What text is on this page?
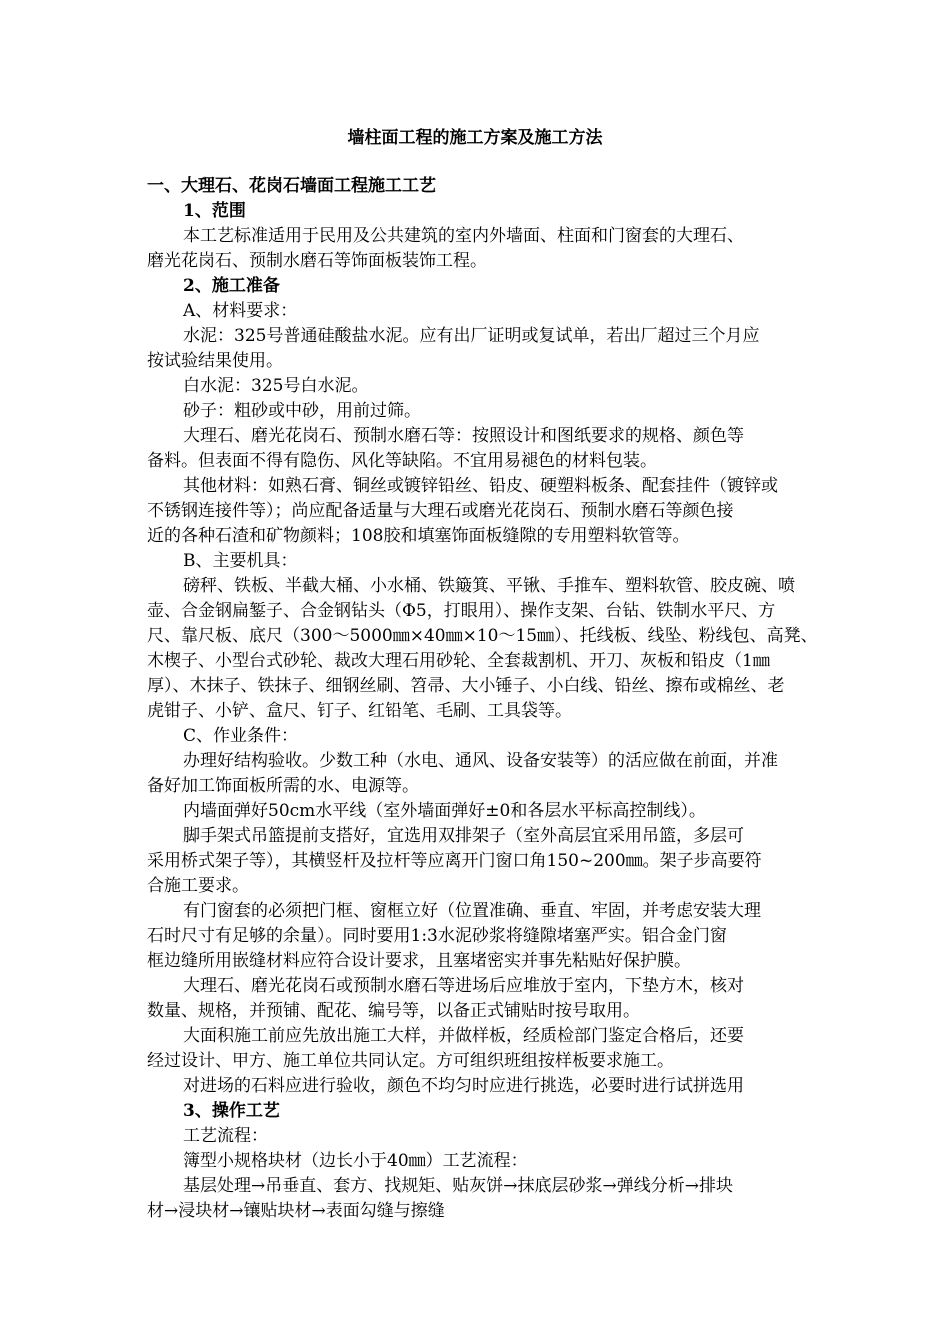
墙柱面工程的施工方案及施工方法

一、大理石、花岗石墙面工程施工工艺

1、范围

本工艺标准适用于民用及公共建筑的室内外墙面、柱面和门窗套的大理石、

磨光花岗石、预制水磨石等饰面板装饰工程。

2、施工准备

A、材料要求：

水泥：325号普通硅酸盐水泥。应有出厂证明或复试单，若出厂超过三个月应

按试验结果使用。

白水泥：325号白水泥。

砂子：粗砂或中砂，用前过筛。

大理石、磨光花岗石、预制水磨石等：按照设计和图纸要求的规格、颜色等

备料。但表面不得有隐伤、风化等缺陷。不宜用易褪色的材料包装。

其他材料：如熟石膏、铜丝或镀锌铅丝、铅皮、硬塑料板条、配套挂件（镀锌或

不锈钢连接件等）；尚应配备适量与大理石或磨光花岗石、预制水磨石等颜色接

近的各种石渣和矿物颜料；108胶和填塞饰面板缝隙的专用塑料软管等。

B、主要机具：

磅秤、铁板、半截大桶、小水桶、铁簸箕、平锹、手推车、塑料软管、胶皮碗、喷

壶、合金钢扁錾子、合金钢钻头（Φ5，打眼用）、操作支架、台钻、铁制水平尺、方

尺、靠尺板、底尺（300～5000㎜×40㎜×10～15㎜）、托线板、线坠、粉线包、高凳、

木楔子、小型台式砂轮、裁改大理石用砂轮、全套裁割机、开刀、灰板和铅皮（1㎜

厚）、木抹子、铁抹子、细钢丝刷、笤帚、大小锤子、小白线、铅丝、擦布或棉丝、老

虎钳子、小铲、盒尺、钉子、红铅笔、毛刷、工具袋等。

C、作业条件：

办理好结构验收。少数工种（水电、通风、设备安装等）的活应做在前面，并准

备好加工饰面板所需的水、电源等。

内墙面弹好50cm水平线（室外墙面弹好±0和各层水平标高控制线）。

脚手架式吊篮提前支搭好，宜选用双排架子（室外高层宜采用吊篮，多层可

采用桥式架子等），其横竖杆及拉杆等应离开门窗口角150~200㎜。架子步高要符

合施工要求。

有门窗套的必须把门框、窗框立好（位置准确、垂直、牢固，并考虑安装大理

石时尺寸有足够的余量）。同时要用1:3水泥砂浆将缝隙堵塞严实。铝合金门窗

框边缝所用嵌缝材料应符合设计要求，且塞堵密实并事先粘贴好保护膜。

大理石、磨光花岗石或预制水磨石等进场后应堆放于室内，下垫方木，核对

数量、规格，并预铺、配花、编号等，以备正式铺贴时按号取用。

大面积施工前应先放出施工大样，并做样板，经质检部门鉴定合格后，还要

经过设计、甲方、施工单位共同认定。方可组织班组按样板要求施工。

对进场的石料应进行验收，颜色不均匀时应进行挑选，必要时进行试拼选用

3、操作工艺

工艺流程：

簿型小规格块材（边长小于40㎜）工艺流程：

基层处理→吊垂直、套方、找规矩、贴灰饼→抹底层砂浆→弹线分析→排块

材→浸块材→镶贴块材→表面勾缝与擦缝
